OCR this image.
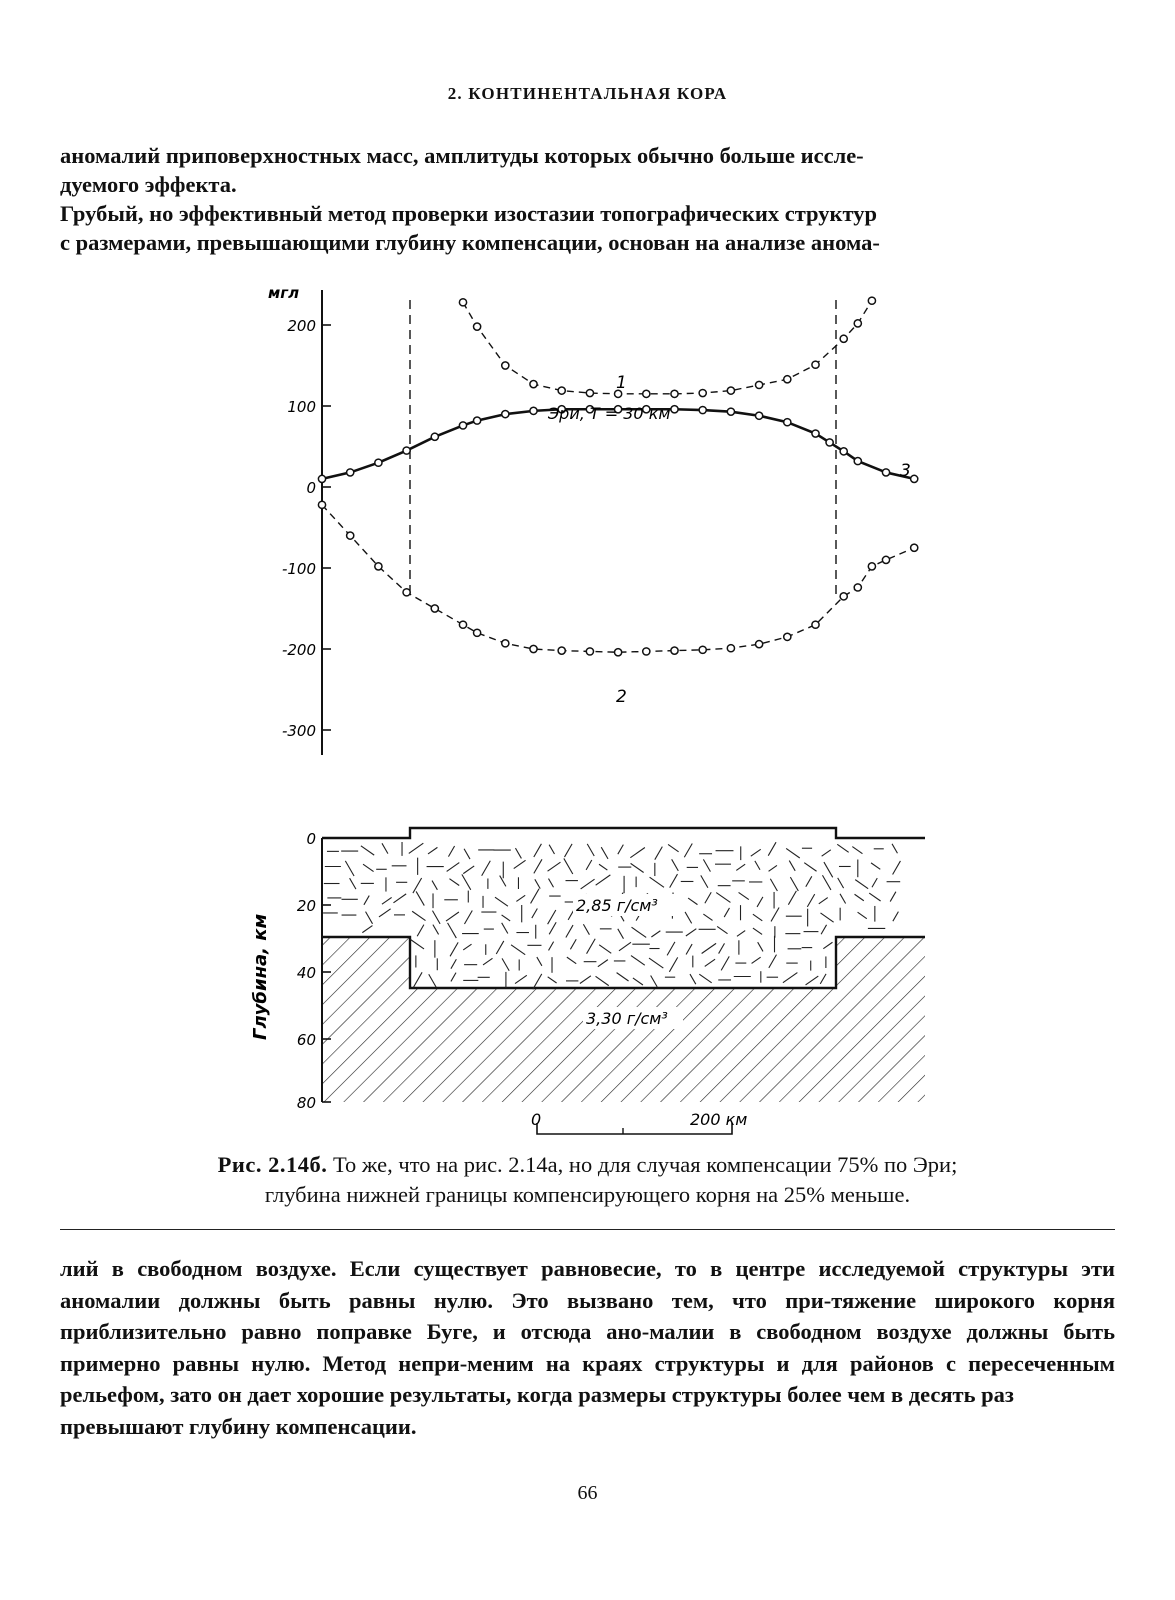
2. КОНТИНЕНТАЛЬНАЯ КОРА
аномалий приповерхностных масс, амплитуды которых обычно больше иссле-
дуемого эффекта.
Грубый, но эффективный метод проверки изостазии топографических структур
с размерами, превышающими глубину компенсации, основан на анализе анома-
мгл
200
100
0
-100
-200
-300
1
2
3
Эри, T = 30 км
2,85 г/см³
3,30 г/см³
0
20
40
60
80
Глубина, км
0	200 км
Рис. 2.14б. То же, что на рис. 2.14а, но для случая компенсации 75% по Эри;
глубина нижней границы компенсирующего корня на 25% меньше.
лий в свободном воздухе. Если существует равновесие, то в центре исследуемой структуры эти аномалии должны быть равны нулю. Это вызвано тем, что при-тяжение широкого корня приблизительно равно поправке Буге, и отсюда ано-малии в свободном воздухе должны быть примерно равны нулю. Метод непри-меним на краях структуры и для районов с пересеченным рельефом, зато он дает хорошие результаты, когда размеры структуры более чем в десять раз
превышают глубину компенсации.
66
